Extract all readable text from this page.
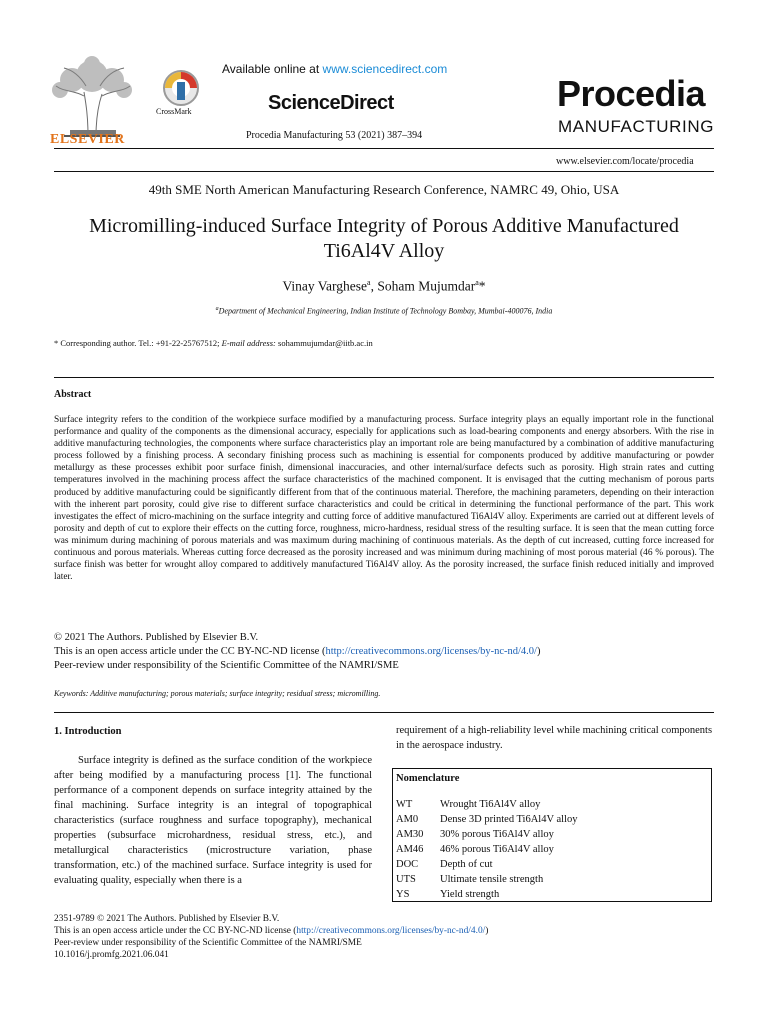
ELSEVIER
CrossMark
Available online at www.sciencedirect.com
ScienceDirect
Procedia Manufacturing 53 (2021) 387–394
Procedia
MANUFACTURING
www.elsevier.com/locate/procedia
49th SME North American Manufacturing Research Conference, NAMRC 49, Ohio, USA
Micromilling-induced Surface Integrity of Porous Additive Manufactured
Ti6Al4V Alloy
Vinay Varghese$^a$, Soham Mujumdar$^a$*
$^a$Department of Mechanical Engineering, Indian Institute of Technology Bombay, Mumbai-400076, India
* Corresponding author. Tel.: +91-22-25767512; E-mail address: sohammujumdar@iitb.ac.in
Abstract
Surface integrity refers to the condition of the workpiece surface modified by a manufacturing process. Surface integrity plays an equally important role in the functional performance and quality of the components as the dimensional accuracy, especially for applications such as load-bearing components and energy absorbers. With the rise in additive manufacturing technologies, the components where surface characteristics play an important role are being manufactured by a combination of additive manufacturing process followed by a finishing process. A secondary finishing process such as machining is essential for components produced by additive manufacturing or powder metallurgy as these processes exhibit poor surface finish, dimensional inaccuracies, and other internal/surface defects such as porosity. High strain rates and cutting temperatures involved in the machining process affect the surface characteristics of the machined component. It is envisaged that the cutting mechanism of porous parts produced by additive manufacturing could be significantly different from that of the continuous material. Therefore, the machining parameters, depending on their interaction with the inherent part porosity, could give rise to different surface characteristics and could be critical in determining the functional performance of the part. This work investigates the effect of micro-machining on the surface integrity and cutting force of additive manufactured Ti6Al4V alloy. Experiments are carried out at different levels of porosity and depth of cut to explore their effects on the cutting force, roughness, micro-hardness, residual stress of the resulting surface. It is seen that the mean cutting force was minimum during machining of porous materials and was maximum during machining of continuous materials. As the depth of cut increased, cutting force increased for continuous and porous materials. Whereas cutting force decreased as the porosity increased and was minimum during machining of most porous material (46 % porous). The surface finish was better for wrought alloy compared to additively manufactured Ti6Al4V alloy. As the porosity increased, the surface finish reduced initially and improved later.
© 2021 The Authors. Published by Elsevier B.V.
This is an open access article under the CC BY-NC-ND license (http://creativecommons.org/licenses/by-nc-nd/4.0/)
Peer-review under responsibility of the Scientific Committee of the NAMRI/SME
Keywords: Additive manufacturing; porous materials; surface integrity; residual stress; micromilling.
1. Introduction
Surface integrity is defined as the surface condition of the workpiece after being modified by a manufacturing process [1]. The functional performance of a component depends on surface integrity attained by the final machining. Surface integrity is an integral of topographical characteristics (surface roughness and surface topography), mechanical properties (subsurface microhardness, residual stress, etc.), and metallurgical characteristics (microstructure variation, phase transformation, etc.) of the machined surface. Surface integrity is used for evaluating quality, especially when there is a
requirement of a high-reliability level while machining critical components in the aerospace industry.
Nomenclature
WT	Wrought Ti6Al4V alloy
AM0	Dense 3D printed Ti6Al4V alloy
AM30	30% porous Ti6Al4V alloy
AM46	46% porous Ti6Al4V alloy
DOC	Depth of cut
UTS	Ultimate tensile strength
YS	Yield strength
2351-9789 © 2021 The Authors. Published by Elsevier B.V.
This is an open access article under the CC BY-NC-ND license (http://creativecommons.org/licenses/by-nc-nd/4.0/)
Peer-review under responsibility of the Scientific Committee of the NAMRI/SME
10.1016/j.promfg.2021.06.041
